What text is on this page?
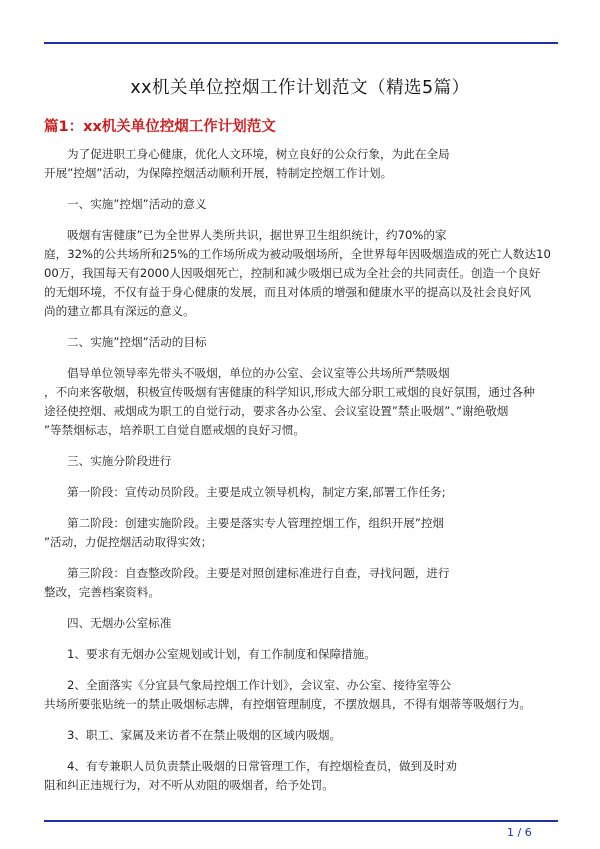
xx机关单位控烟工作计划范文（精选5篇）
篇1：xx机关单位控烟工作计划范文
为了促进职工身心健康，优化人文环境，树立良好的公众行象，为此在全局
开展”控烟”活动，为保障控烟活动顺利开展，特制定控烟工作计划。
一、实施”控烟”活动的意义
吸烟有害健康”已为全世界人类所共识，据世界卫生组织统计，约70%的家
庭，32%的公共场所和25%的工作场所成为被动吸烟场所，全世界每年因吸烟造成的死亡人数达10
00万，我国每天有2000人因吸烟死亡，控制和减少吸烟已成为全社会的共同责任。创造一个良好
的无烟环境，不仅有益于身心健康的发展，而且对体质的增强和健康水平的提高以及社会良好风
尚的建立都具有深远的意义。
二、实施”控烟”活动的目标
倡导单位领导率先带头不吸烟，单位的办公室、会议室等公共场所严禁吸烟
，不向来客敬烟，积极宣传吸烟有害健康的科学知识,形成大部分职工戒烟的良好氛围，通过各种
途径使控烟、戒烟成为职工的自觉行动，要求各办公室、会议室设置”禁止吸烟”、”谢绝敬烟
”等禁烟标志，培养职工自觉自愿戒烟的良好习惯。
三、实施分阶段进行
第一阶段：宣传动员阶段。主要是成立领导机构，制定方案,部署工作任务;
第二阶段：创建实施阶段。主要是落实专人管理控烟工作，组织开展”控烟
”活动，力促控烟活动取得实效；
第三阶段：自查整改阶段。主要是对照创建标准进行自查，寻找问题，进行
整改，完善档案资料。
四、无烟办公室标准
1、要求有无烟办公室规划或计划，有工作制度和保障措施。
2、全面落实《分宜县气象局控烟工作计划》，会议室、办公室、接待室等公
共场所要张贴统一的禁止吸烟标志牌，有控烟管理制度，不摆放烟具，不得有烟蒂等吸烟行为。
3、职工、家属及来访者不在禁止吸烟的区域内吸烟。
4、有专兼职人员负责禁止吸烟的日常管理工作，有控烟检查员，做到及时劝
阻和纠正违规行为，对不听从劝阻的吸烟者，给予处罚。
1 / 6
